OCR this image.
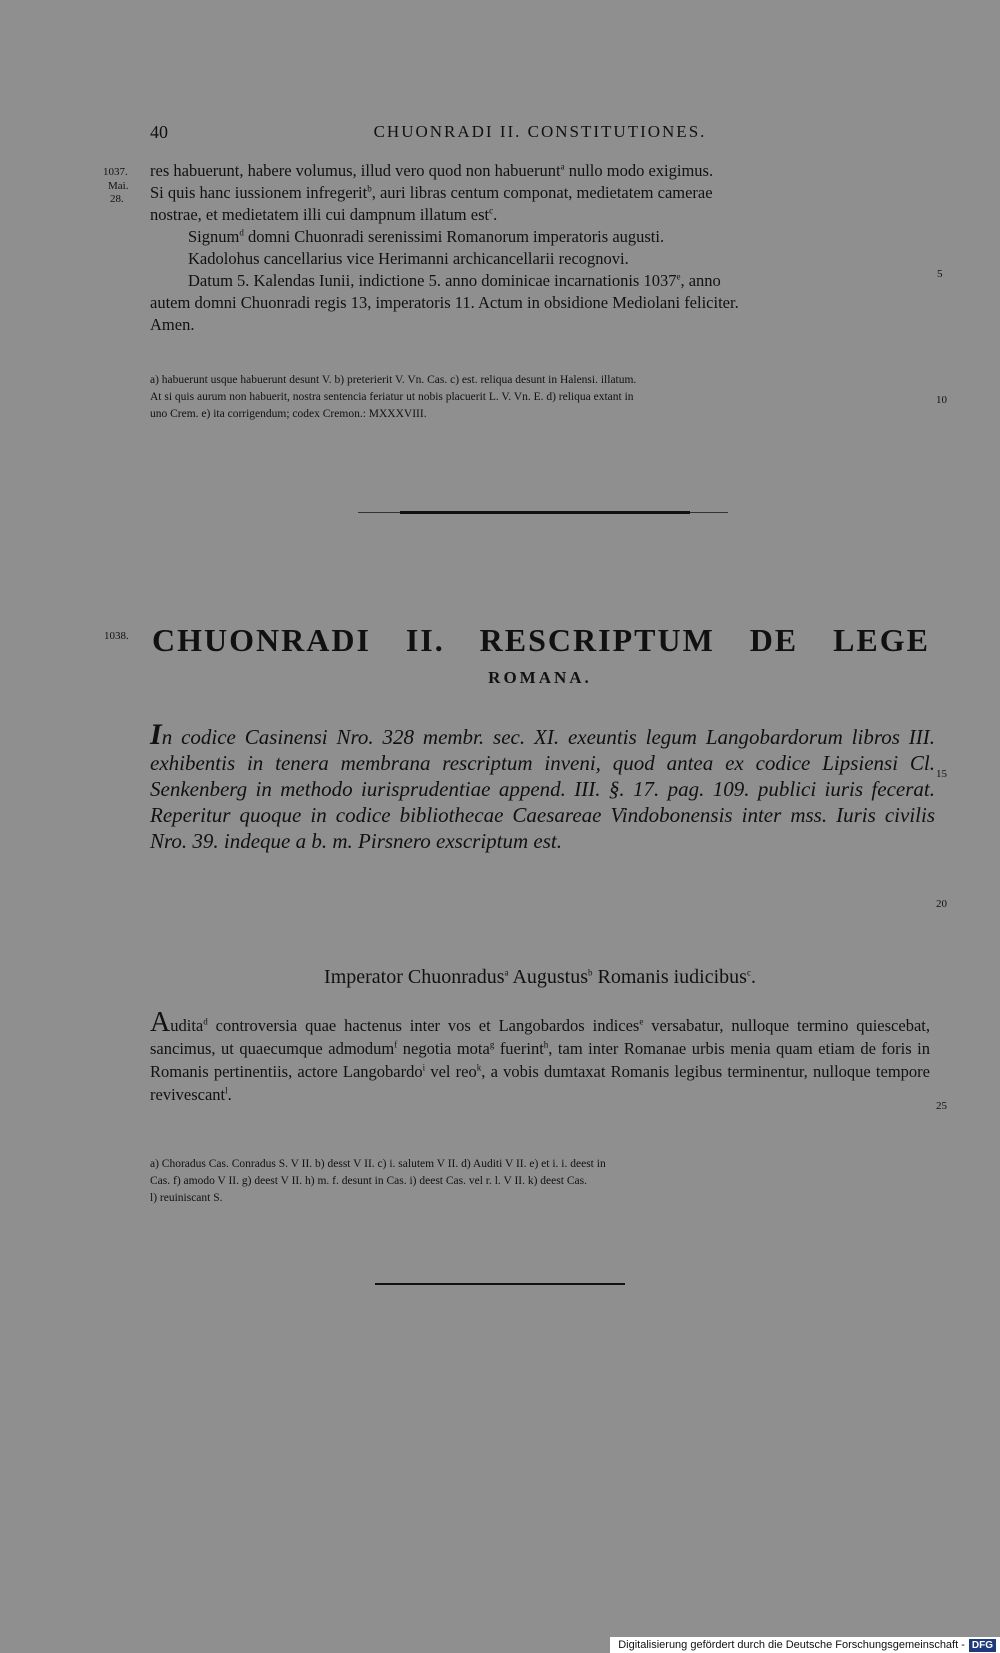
40	CHUONRADI II. CONSTITUTIONES.
1037.
Mai.
28.

res habuerunt, habere volumus, illud vero quod non habuerunt$^a$ nullo modo exigimus.

Si quis hanc iussionem infregerit$^b$, auri libras centum componat, medietatem camerae

nostrae, et medietatem illi cui dampnum illatum est$^c$.

Signum$^d$ domni Chuonradi serenissimi Romanorum imperatoris augusti.

Kadolohus cancellarius vice Herimanni archicancellarii recognovi.

Datum 5. Kalendas Iunii, indictione 5. anno dominicae incarnationis 1037e, anno

autem domni Chuonradi regis 13, imperatoris 11. Actum in obsidione Mediolani feliciter.

Amen.

5

a) habuerunt usque habuerunt desunt V. b) preterierit V. Vn. Cas. c) est. reliqua desunt in Halensi. illatum.

At si quis aurum non habuerit, nostra sentencia feriatur ut nobis placuerit L. V. Vn. E. d) reliqua extant in

uno Crem. e) ita corrigendum; codex Cremon.: MXXXVIII.

10
1038. CHUONRADI II. RESCRIPTUM DE LEGE
ROMANA.
In codice Casinensi Nro. 328 membr. sec. XI. exeuntis legum Langobardorum libros III. exhibentis in tenera membrana rescriptum inveni, quod antea ex codice Lipsiensi Cl. Senkenberg in methodo iurisprudentiae append. III. §. 17. pag. 109. publici iuris fecerat. Reperitur quoque in codice bibliothecae Caesareae Vindobonensis inter mss. Iuris civilis Nro. 39. indeque a b. m. Pirsnero exscriptum est.
15
20
Imperator Chuonradus$^a$ Augustus$^b$ Romanis iudicibus$^c$.
Audita$^d$ controversia quae hactenus inter vos et Langobardos indices$^e$ versabatur, nulloque termino quiescebat, sancimus, ut quaecumque admodum$^f$ negotia mota$^g$ fuerint$^h$, tam inter Romanae urbis menia quam etiam de foris in Romanis pertinentiis, actore Langobardo$^i$ vel reo$^k$, a vobis dumtaxat Romanis legibus terminentur, nulloque tempore revivescant$^l$.
25

a) Choradus Cas. Conradus S. V II. b) desst V II. c) i. salutem V II. d) Auditi V II. e) et i. i. deest in

Cas. f) amodo V II. g) deest V II. h) m. f. desunt in Cas. i) deest Cas. vel r. l. V II. k) deest Cas.

l) reuiniscant S.

Digitalisierung gefördert durch die Deutsche Forschungsgemeinschaft - DFG
